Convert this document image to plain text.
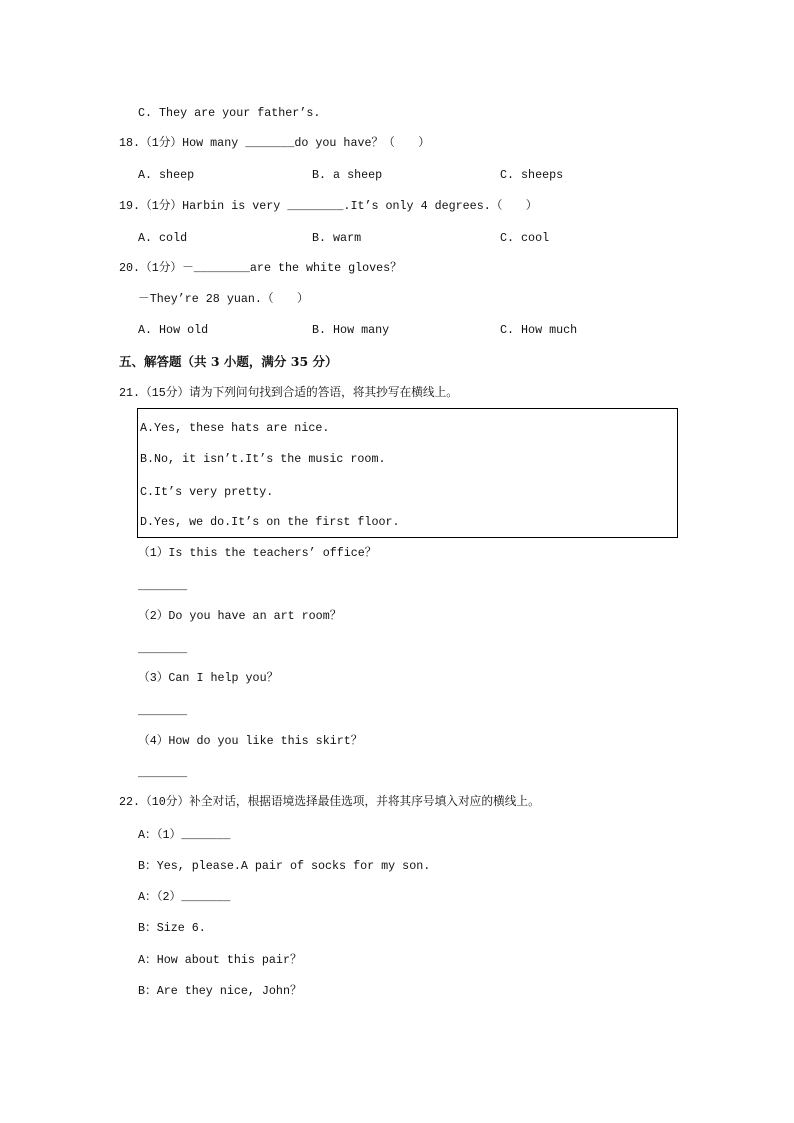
C. They are your father’s.
18.（1分）How many _______do you have？（　　）
A. sheep	B. a sheep	C. sheeps
19.（1分）Harbin is very ________.It’s only 4 degrees.（　　）
A. cold	B. warm	C. cool
20.（1分）－________are the white gloves？
－They’re 28 yuan.（　　）
A. How old	B. How many	C. How much
五、解答题（共 3 小题，满分 35 分）
21.（15分）请为下列问句找到合适的答语，将其抄写在横线上。
A.Yes, these hats are nice.
B.No, it isn’t.It’s the music room.
C.It’s very pretty.
D.Yes, we do.It’s on the first floor.
（1）Is this the teachers’ office？
_______
（2）Do you have an art room？
_______
（3）Can I help you？
_______
（4）How do you like this skirt？
_______
22.（10分）补全对话，根据语境选择最佳选项，并将其序号填入对应的横线上。
A：（1）_______
B：Yes, please.A pair of socks for my son.
A：（2）_______
B：Size 6.
A：How about this pair？
B：Are they nice, John？
